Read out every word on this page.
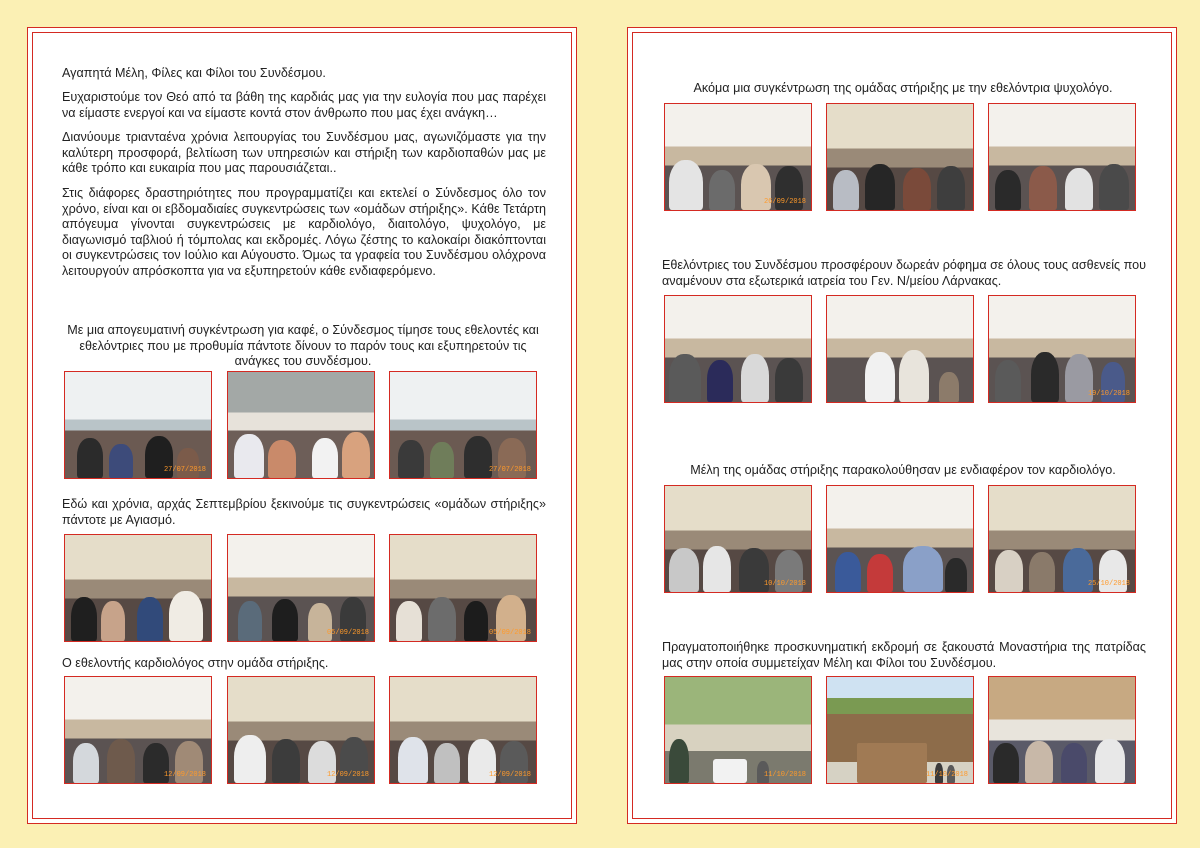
Αγαπητά Μέλη, Φίλες και Φίλοι του Συνδέσμου.

Ευχαριστούμε τον Θεό από τα βάθη της καρδιάς μας για την ευλογία που μας παρέχει να είμαστε ενεργοί και να είμαστε κοντά στον άνθρωπο που μας έχει ανάγκη…

Διανύουμε τριανταένα χρόνια λειτουργίας του Συνδέσμου μας, αγωνιζόμαστε για την καλύτερη προσφορά, βελτίωση των υπηρεσιών και στήριξη των καρδιοπαθών μας με κάθε τρόπο και ευκαιρία που μας παρουσιάζεται..

Στις διάφορες δραστηριότητες που προγραμματίζει και εκτελεί ο Σύνδεσμος όλο τον χρόνο, είναι και οι εβδομαδιαίες συγκεντρώσεις των «ομάδων στήριξης». Κάθε Τετάρτη απόγευμα γίνονται συγκεντρώσεις με καρδιολόγο, διαιτολόγο, ψυχολόγο, με διαγωνισμό ταβλιού ή τόμπολας και εκδρομές. Λόγω ζέστης το καλοκαίρι διακόπτονται οι συγκεντρώσεις τον Ιούλιο και Αύγουστο. Όμως τα γραφεία του Συνδέσμου ολόχρονα λειτουργούν απρόσκοπτα για να εξυπηρετούν κάθε ενδιαφερόμενο.

Με μια απογευματινή συγκέντρωση για καφέ, ο Σύνδεσμος τίμησε τους εθελοντές και εθελόντριες που με προθυμία πάντοτε δίνουν το παρόν τους και εξυπηρετούν τις ανάγκες του συνδέσμου.

27/07/2018	27/07/2018

Εδώ και χρόνια, αρχάς Σεπτεμβρίου ξεκινούμε τις συγκεντρώσεις «ομάδων στήριξης» πάντοτε με Αγιασμό.

05/09/2018	05/09/2018

Ο εθελοντής καρδιολόγος στην ομάδα στήριξης.

12/09/2018	12/09/2018	12/09/2018

Ακόμα μια συγκέντρωση της ομάδας στήριξης με την εθελόντρια ψυχολόγο.

26/09/2018

Εθελόντριες του Συνδέσμου προσφέρουν δωρεάν ρόφημα σε όλους τους ασθενείς που αναμένουν στα εξωτερικά ιατρεία του Γεν. Ν/μείου Λάρνακας.

19/10/2018

Μέλη της ομάδας στήριξης παρακολούθησαν με ενδιαφέρον τον καρδιολόγο.

10/10/2018	25/10/2018

Πραγματοποιήθηκε προσκυνηματική εκδρομή σε ξακουστά Μοναστήρια της πατρίδας μας στην οποία συμμετείχαν Μέλη και Φίλοι του Συνδέσμου.

11/10/2018	11/10/2018
